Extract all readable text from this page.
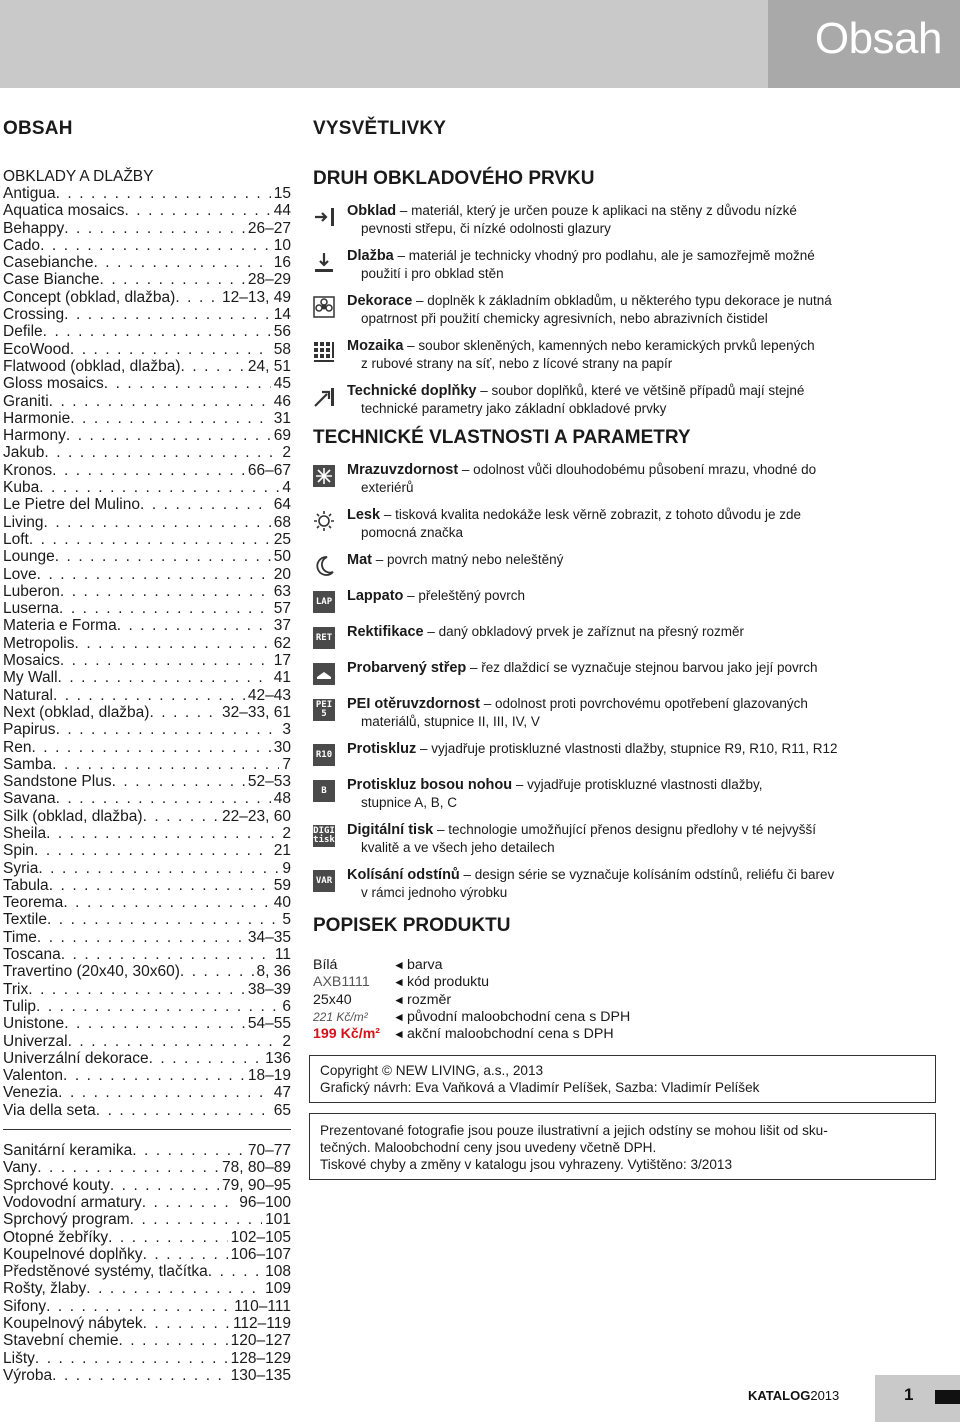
Obsah
OBSAH
OBKLADY A DLAŽBY
Antigua . . .	15
Aquatica mosaics . . .	44
Behappy . . .	26–27
Cado . . .	10
Casebianche . . .	16
Case Bianche . . .	28–29
Concept (obklad, dlažba) . . .	12–13, 49
Crossing . . .	14
Defile . . .	56
EcoWood . . .	58
Flatwood (obklad, dlažba) . . .	24, 51
Gloss mosaics . . .	45
Graniti . . .	46
Harmonie . . .	31
Harmony . . .	69
Jakub . . .	2
Kronos . . .	66–67
Kuba . . .	4
Le Pietre del Mulino . . .	64
Living . . .	68
Loft . . .	25
Lounge . . .	50
Love . . .	20
Luberon . . .	63
Luserna . . .	57
Materia e Forma . . .	37
Metropolis . . .	62
Mosaics . . .	17
My Wall . . .	41
Natural . . .	42–43
Next (obklad, dlažba) . . .	32–33, 61
Papirus . . .	3
Ren . . .	30
Samba . . .	7
Sandstone Plus . . .	52–53
Savana . . .	48
Silk (obklad, dlažba) . . .	22–23, 60
Sheila . . .	2
Spin . . .	21
Syria . . .	9
Tabula . . .	59
Teorema . . .	40
Textile . . .	5
Time . . .	34–35
Toscana . . .	11
Travertino (20x40, 30x60) . . .	8, 36
Trix . . .	38–39
Tulip . . .	6
Unistone . . .	54–55
Univerzal . . .	2
Univerzální dekorace . . .	136
Valenton . . .	18–19
Venezia . . .	47
Via della seta . . .	65
Sanitární keramika . . .	70–77
Vany . . .	78, 80–89
Sprchové kouty . . .	79, 90–95
Vodovodní armatury . . .	96–100
Sprchový program . . .	101
Otopné žebříky . . .	102–105
Koupelnové doplňky . . .	106–107
Předstěnové systémy, tlačítka . . .	108
Rošty, žlaby . . .	109
Sifony . . .	110–111
Koupelnový nábytek . . .	112–119
Stavební chemie . . .	120–127
Lišty . . .	128–129
Výroba . . .	130–135
VYSVĚTLIVKY
DRUH OBKLADOVÉHO PRVKU
Obklad – materiál, který je určen pouze k aplikaci na stěny z důvodu nízké
pevnosti střepu, či nízké odolnosti glazury
Dlažba – materiál je technicky vhodný pro podlahu, ale je samozřejmě možné
použití i pro obklad stěn
Dekorace – doplněk k základním obkladům, u některého typu dekorace je nutná
opatrnost při použití chemicky agresivních, nebo abrazivních čistidel
Mozaika – soubor skleněných, kamenných nebo keramických prvků lepených
z rubové strany na síť, nebo z lícové strany na papír
Technické doplňky – soubor doplňků, které ve většině případů mají stejné
technické parametry jako základní obkladové prvky
TECHNICKÉ VLASTNOSTI A PARAMETRY
Mrazuvzdornost – odolnost vůči dlouhodobému působení mrazu, vhodné do
exteriérů
Lesk – tisková kvalita nedokáže lesk věrně zobrazit, z tohoto důvodu je zde
pomocná značka
Mat – povrch matný nebo neleštěný
LAP Lappato – přeleštěný povrch
RET Rektifikace – daný obkladový prvek je zaříznut na přesný rozměr
Probarvený střep – řez dlaždicí se vyznačuje stejnou barvou jako její povrch
PEI 5
PEI otěruvzdornost – odolnost proti povrchovému opotřebení glazovaných
materiálů, stupnice II, III, IV, V
R10 Protiskluz – vyjadřuje protiskluzné vlastnosti dlažby, stupnice R9, R10, R11, R12
B	Protiskluz bosou nohou – vyjadřuje protiskluzné vlastnosti dlažby,
stupnice A, B, C
DIGI tisk
Digitální tisk – technologie umožňující přenos designu předlohy v té nejvyšší
kvalitě a ve všech jeho detailech
VAR Kolísání odstínů – design série se vyznačuje kolísáním odstínů, reliéfu či barev
v rámci jednoho výrobku
POPISEK PRODUKTU
Bílá	◄ barva
AXB1111	◄ kód produktu
25x40	◄ rozměr
221 Kč/m²	◄ původní maloobchodní cena s DPH
199 Kč/m²	◄ akční maloobchodní cena s DPH
Copyright © NEW LIVING, a.s., 2013
Grafický návrh: Eva Vaňková a Vladimír Pelíšek, Sazba: Vladimír Pelíšek
Prezentované fotografie jsou pouze ilustrativní a jejich odstíny se mohou lišit od sku-
tečných. Maloobchodní ceny jsou uvedeny včetně DPH.
Tiskové chyby a změny v katalogu jsou vyhrazeny. Vytištěno: 3/2013
KATALOG2013	1
